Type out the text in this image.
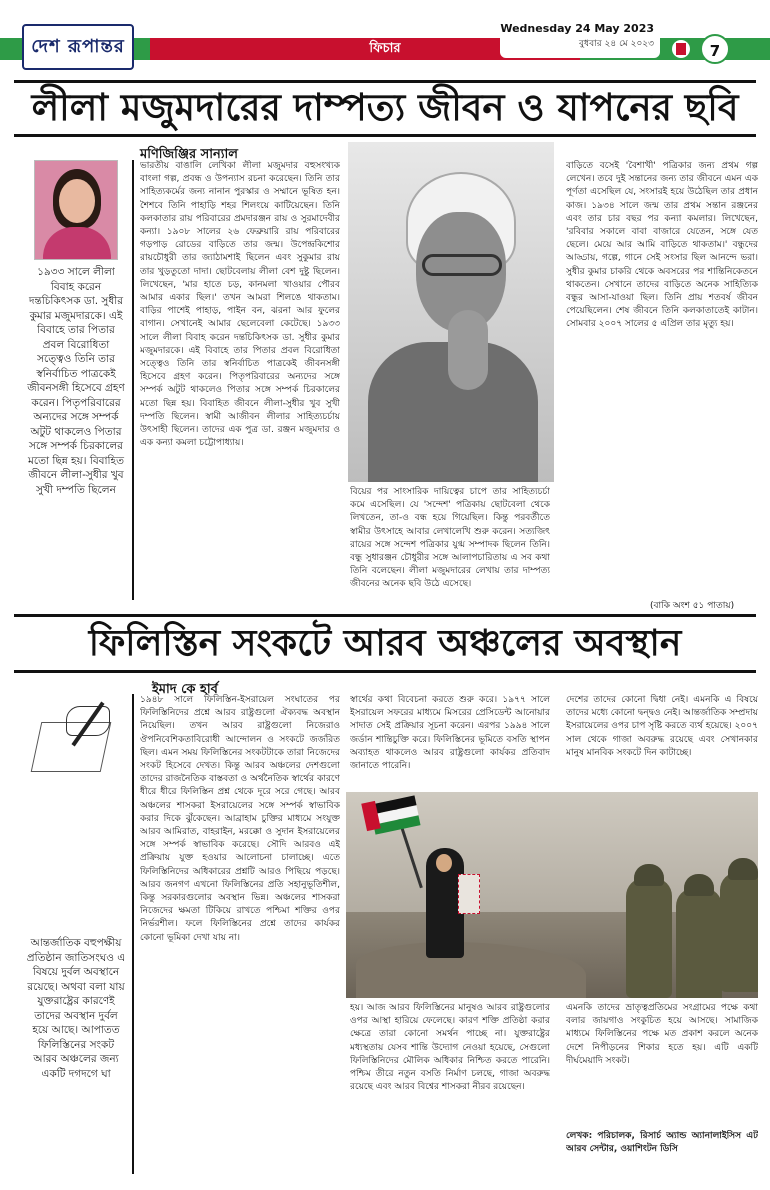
দেশ রূপান্তর	ফিচার
Wednesday 24 May 2023
বুধবার ২৪ মে ২০২৩	7
লীলা মজুমদারের দাম্পত্য জীবন ও যাপনের ছবি
মণিজিঞ্জির সান্যাল
১৯৩৩ সালে লীলা বিবাহ করেন দন্তচিকিৎসক ডা. সুধীর কুমার মজুমদারকে। এই বিবাহে তার পিতার প্রবল বিরোধিতা সত্ত্বেও তিনি তার স্বনির্বাচিত পাত্রকেই জীবনসঙ্গী হিসেবে গ্রহণ করেন। পিতৃপরিবারের অন্যদের সঙ্গে সম্পর্ক অটুট থাকলেও পিতার সঙ্গে সম্পর্ক চিরকালের মতো ছিন্ন হয়। বিবাহিত জীবনে লীলা-সুধীর খুব সুখী দম্পতি ছিলেন
ভারতীয় বাঙালি লেখিকা লীলা মজুমদার বহুসংখ্যক বাংলা গল্প, প্রবন্ধ ও উপন্যাস রচনা করেছেন। তিনি তার সাহিত্যকর্মের জন্য নানান পুরস্কার ও সম্মানে ভূষিত হন। শৈশবে তিনি পাহাড়ি শহর শিলংয়ে কাটিয়েছেন। তিনি কলকাতার রায় পরিবারের প্রমদারঞ্জন রায় ও সুরমাদেবীর কন্যা। ১৯০৮ সালের ২৬ ফেব্রুয়ারি রায় পরিবারের গড়পাড় রোডের বাড়িতে তার জন্ম। উপেন্দ্রকিশোর রায়চৌধুরী তার জ্যাঠামশাই ছিলেন এবং সুকুমার রায় তার খুড়তুতো দাদা। ছোটবেলায় লীলা বেশ দুষ্টু ছিলেন। লিখেছেন, 'মার হাতে চড়, কানমলা খাওয়ার পৌরব আমার একার ছিল।' তখন আমরা শিলঙে থাকতাম। বাড়ির পাশেই পাহাড়, পাইন বন, ঝরনা আর ফুলের বাগান। সেখানেই আমার ছেলেবেলা কেটেছে। ১৯৩৩ সালে লীলা বিবাহ করেন দন্তচিকিৎসক ডা. সুধীর কুমার মজুমদারকে। এই বিবাহে তার পিতার প্রবল বিরোধিতা সত্ত্বেও তিনি তার স্বনির্বাচিত পাত্রকেই জীবনসঙ্গী হিসেবে গ্রহণ করেন। পিতৃপরিবারের অন্যদের সঙ্গে সম্পর্ক অটুট থাকলেও পিতার সঙ্গে সম্পর্ক চিরকালের মতো ছিন্ন হয়। বিবাহিত জীবনে লীলা-সুধীর খুব সুখী দম্পতি ছিলেন। স্বামী আজীবন লীলার সাহিত্যচর্চায় উৎসাহী ছিলেন। তাদের এক পুত্র ডা. রঞ্জন মজুমদার ও এক কন্যা কমলা চট্টোপাধ্যায়।
বিয়ের পর সাংসারিক দায়িত্বের চাপে তার সাহিত্যচর্চা কমে এসেছিল। যে 'সন্দেশ' পত্রিকায় ছোটবেলা থেকে লিখতেন, তা-ও বন্ধ হয়ে গিয়েছিল। কিন্তু পরবর্তীতে স্বামীর উৎসাহে আবার লেখালেখি শুরু করেন। সত্যজিৎ রায়ের সঙ্গে সন্দেশ পত্রিকার যুগ্ম সম্পাদক ছিলেন তিনি। বন্ধু সুধারঞ্জন চৌধুরীর সঙ্গে আলাপচারিতায় এ সব কথা তিনি বলেছেন। লীলা মজুমদারের লেখায় তার দাম্পত্য জীবনের অনেক ছবি উঠে এসেছে।
বাড়িতে বসেই 'বৈশাখী' পত্রিকার জন্য প্রথম গল্প লেখেন। তবে দুই সন্তানের জন্য তার জীবনে এমন এক পূর্ণতা এসেছিল যে, সংসারই হয়ে উঠেছিল তার প্রধান কাজ। ১৯৩৪ সালে জন্ম তার প্রথম সন্তান রঞ্জনের এবং তার চার বছর পর কন্যা কমলার। লিখেছেন, 'রবিবার সকালে বাবা বাজারে যেতেন, সঙ্গে যেত ছেলে। মেয়ে আর আমি বাড়িতে থাকতাম।' বন্ধুদের আড্ডায়, গল্পে, গানে সেই সংসার ছিল আনন্দে ভরা। সুধীর কুমার চাকরি থেকে অবসরের পর শান্তিনিকেতনে থাকতেন। সেখানে তাদের বাড়িতে অনেক সাহিত্যিক বন্ধুর আসা-যাওয়া ছিল। তিনি প্রায় শতবর্ষ জীবন পেয়েছিলেন। শেষ জীবনে তিনি কলকাতাতেই কাটান। সোমবার ২০০৭ সালের ৫ এপ্রিল তার মৃত্যু হয়।
(বাকি অংশ ৫১ পাতায়)
ফিলিস্তিন সংকটে আরব অঞ্চলের অবস্থান
ইমাদ কে হার্ব
আন্তর্জাতিক বহুপক্ষীয় প্রতিষ্ঠান জাতিসংঘও এ বিষয়ে দুর্বল অবস্থানে রয়েছে। অথবা বলা যায় যুক্তরাষ্ট্রের কারণেই তাদের অবস্থান দুর্বল হয়ে আছে। আপাতত ফিলিস্তিনের সংকট আরব অঞ্চলের জন্য একটি দগদগে ঘা
১৯৪৮ সালে ফিলিস্তিন-ইসরায়েল সংঘাতের পর ফিলিস্তিনিদের প্রশ্নে আরব রাষ্ট্রগুলো ঐক্যবদ্ধ অবস্থান নিয়েছিল। তখন আরব রাষ্ট্রগুলো নিজেরাও ঔপনিবেশিকতাবিরোধী আন্দোলন ও সংকটে জর্জরিত ছিল। এমন সময় ফিলিস্তিনের সংকটটাকে তারা নিজেদের সংকট হিসেবে দেখত। কিন্তু আরব অঞ্চলের দেশগুলো তাদের রাজনৈতিক বাস্তবতা ও অর্থনৈতিক স্বার্থের কারণে ধীরে ধীরে ফিলিস্তিন প্রশ্ন থেকে দূরে সরে গেছে। আরব অঞ্চলের শাসকরা ইসরায়েলের সঙ্গে সম্পর্ক স্বাভাবিক করার দিকে ঝুঁকেছেন। আব্রাহাম চুক্তির মাধ্যমে সংযুক্ত আরব আমিরাত, বাহরাইন, মরক্কো ও সুদান ইসরায়েলের সঙ্গে সম্পর্ক স্বাভাবিক করেছে। সৌদি আরবও এই প্রক্রিয়ায় যুক্ত হওয়ার আলোচনা চালাচ্ছে। এতে ফিলিস্তিনিদের অধিকারের প্রশ্নটি আরও পিছিয়ে পড়ছে। আরব জনগণ এখনো ফিলিস্তিনের প্রতি সহানুভূতিশীল, কিন্তু সরকারগুলোর অবস্থান ভিন্ন। অঞ্চলের শাসকরা নিজেদের ক্ষমতা টিকিয়ে রাখতে পশ্চিমা শক্তির ওপর নির্ভরশীল। ফলে ফিলিস্তিনের প্রশ্নে তাদের কার্যকর কোনো ভূমিকা দেখা যায় না।
স্বার্থের কথা বিবেচনা করতে শুরু করে। ১৯৭৭ সালে ইসরায়েল সফরের মাধ্যমে মিসরের প্রেসিডেন্ট আনোয়ার সাদাত সেই প্রক্রিয়ার সূচনা করেন। এরপর ১৯৯৪ সালে জর্ডান শান্তিচুক্তি করে। ফিলিস্তিনের ভূমিতে বসতি স্থাপন অব্যাহত থাকলেও আরব রাষ্ট্রগুলো কার্যকর প্রতিবাদ জানাতে পারেনি।
দেশের তাদের কোনো দ্বিধা নেই। এমনকি এ বিষয়ে তাদের মধ্যে কোনো দ্বন্দ্বও নেই। আন্তর্জাতিক সম্প্রদায় ইসরায়েলের ওপর চাপ সৃষ্টি করতে ব্যর্থ হয়েছে। ২০০৭ সাল থেকে গাজা অবরুদ্ধ রয়েছে এবং সেখানকার মানুষ মানবিক সংকটে দিন কাটাচ্ছে।
হয়। আজ আরব ফিলিস্তিনের মানুষও আরব রাষ্ট্রগুলোর ওপর আস্থা হারিয়ে ফেলেছে। কারণ শক্তি প্রতিষ্ঠা করার ক্ষেত্রে তারা কোনো সমর্থন পাচ্ছে না। যুক্তরাষ্ট্রের মধ্যস্থতায় যেসব শান্তি উদ্যোগ নেওয়া হয়েছে, সেগুলো ফিলিস্তিনিদের মৌলিক অধিকার নিশ্চিত করতে পারেনি। পশ্চিম তীরে নতুন বসতি নির্মাণ চলছে, গাজা অবরুদ্ধ রয়েছে এবং আরব বিশ্বের শাসকরা নীরব রয়েছেন।
এমনকি তাদের ভ্রাতৃত্বপ্রতিমের সংগ্রামের পক্ষে কথা বলার জায়গাও সংকুচিত হয়ে আসছে। সামাজিক মাধ্যমে ফিলিস্তিনের পক্ষে মত প্রকাশ করলে অনেক দেশে নিপীড়নের শিকার হতে হয়। এটি একটি দীর্ঘমেয়াদি সংকট।
লেখক: পরিচালক, রিসার্চ অ্যান্ড অ্যানালাইসিস এট আরব সেন্টার, ওয়াশিংটন ডিসি
